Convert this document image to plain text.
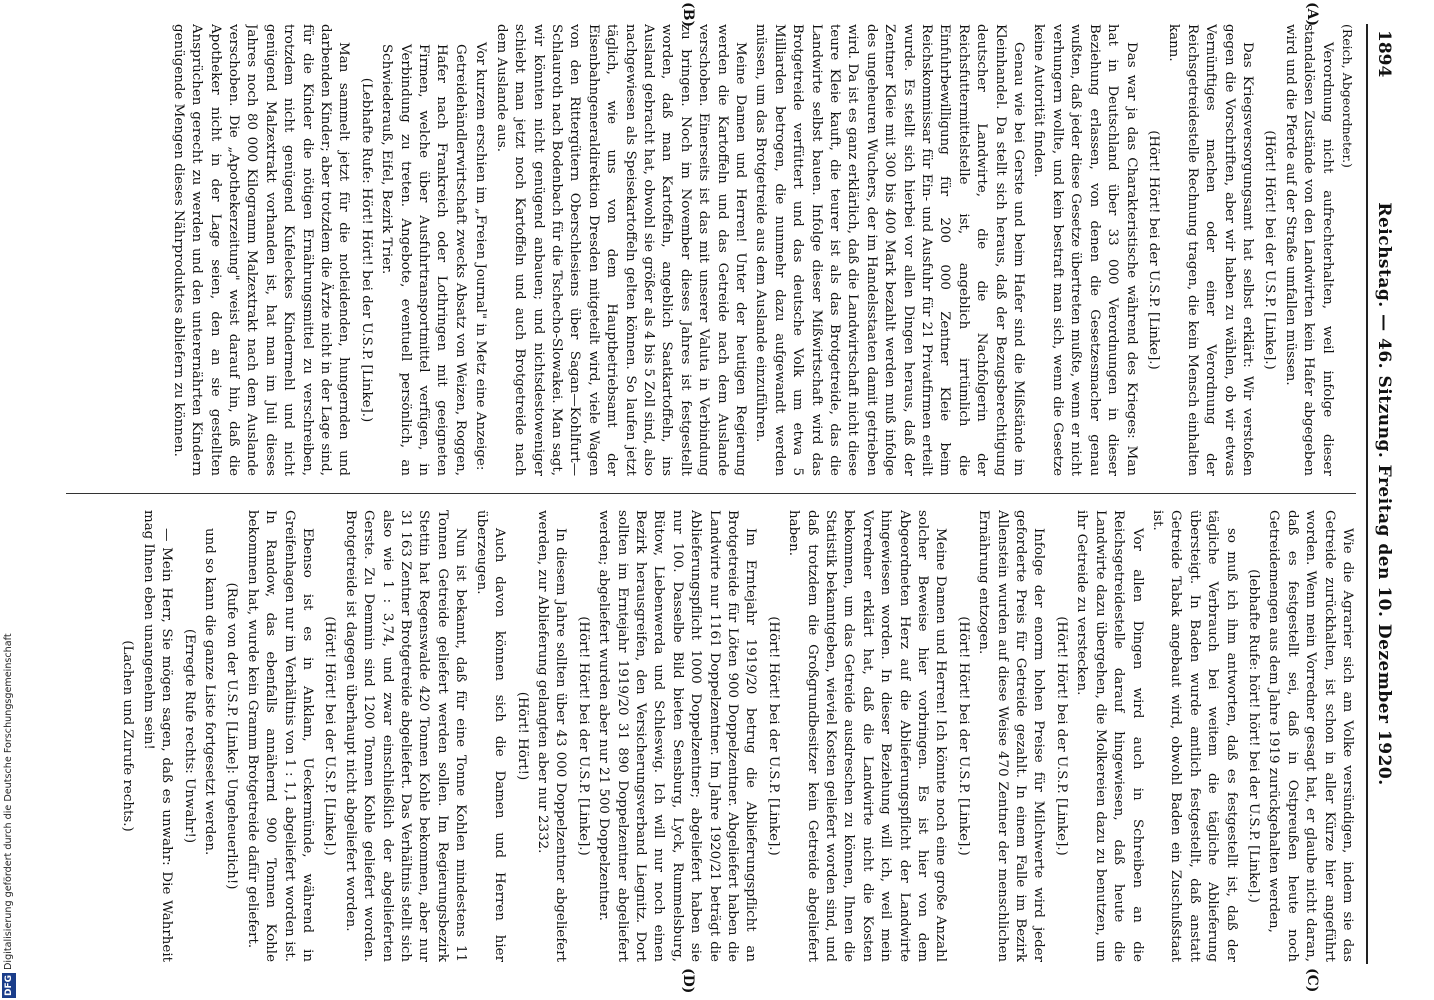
1894
Reichstag. — 46. Sitzung. Freitag den 10. Dezember 1920.
(A)
(B)
(C)
(D)

(Reich, Abgeordneter.)

Verordnung nicht aufrechterhalten, weil infolge dieser standalösen Zustände von den Landwirten kein Hafer abgegeben wird und die Pferde auf der Straße umfallen müssen.

(Hört! Hört! bei der U.S.P. [Linke].)

Das Kriegsversorgungsamt hat selbst erklärt: Wir verstoßen gegen die Vorschriften, aber wir haben zu wählen, ob wir etwas Vernünftiges machen oder einer Verordnung der Reichsgetreidestelle Rechnung tragen, die kein Mensch einhalten kann.

(Hört! Hört! bei der U.S.P. [Linke].)

Das war ja das Charakteristische während des Krieges: Man hat in Deutschland über 33 000 Verordnungen in dieser Beziehung erlassen, von denen die Gesetzesmacher genau wußten, daß jeder diese Gesetze übertreten mußte, wenn er nicht verhungern wollte, und kein bestraft man sich, wenn die Gesetze keine Autorität finden.

Genau wie bei Gerste und beim Hafer sind die Mißstände im Kleinhandel. Da stellt sich heraus, daß der Bezugsberechtigung deutscher Landwirte, die die Nachfolgerin der Reichsfuttermittelstelle ist, angeblich irrtümlich die Einfuhrbewilligung für 200 000 Zentner Kleie beim Reichskommissar für Ein- und Ausfuhr für 21 Privatfirmen erteilt wurde. Es stellt sich hierbei vor allen Dingen heraus, daß der Zentner Kleie mit 300 bis 400 Mark bezahlt werden muß infolge des ungeheuren Wuchers, der im Handelsstaaten damit getrieben wird. Da ist es ganz erklärlich, daß die Landwirtschaft nicht diese teure Kleie kauft, die teurer ist als das Brotgetreide, das die Landwirte selbst bauen. Infolge dieser Mißwirtschaft wird das Brotgetreide verfüttert und das deutsche Volk um etwa 5 Milliarden betrogen, die nunmehr dazu aufgewandt werden müssen, um das Brotgetreide aus dem Auslande einzuführen.

Meine Damen und Herren! Unter der heutigen Regierung werden die Kartoffeln und das Getreide nach dem Auslande verschoben. Einerseits ist das mit unserer Valuta in Verbindung zu bringen. Noch im November dieses Jahres ist festgestellt worden, daß man Kartoffeln, angeblich Saatkartoffeln, ins Ausland gebracht hat, obwohl sie größer als 4 bis 5 Zoll sind, also nachgewiesen als Speisekartoffeln gelten können. So laufen jetzt täglich, wie uns von dem Hauptbetriebsamt der Eisenbahngeneraldirektion Dresden mitgeteilt wird, viele Wagen von den Rittergütern Oberschlesiens über Sagan—Kohlfurt—Schlauroth nach Bodenbach für die Tschecho-Slowakei. Man sagt, wir könnten nicht genügend anbauen; und nichtsdestoweniger schiebt man jetzt noch Kartoffeln und auch Brotgetreide nach dem Auslande aus.

Vor kurzem erschien im „Freien Journal" in Metz eine Anzeige:

Getreidehändlerwirtschaft zwecks Absatz von Weizen, Roggen, Hafer nach Frankreich oder Lothringen mit geeigneten Firmen, welche über Ausfuhrtransportmittel verfügen, in Verbindung zu treten. Angebote, eventuell persönlich, an Schwiederauß, Eifel, Bezirk Trier.

(Lebhafte Rufe: Hört! Hört! bei der U.S.P. [Linke].)

Man sammelt jetzt für die notleidenden, hungernden und darbenden Kinder; aber trotzdem die Ärzte nicht in der Lage sind, für die Kinder die nötigen Ernährungsmittel zu verschreiben, trotzdem nicht genügend Kufeleckes Kindermehl und nicht genügend Malzextrakt vorhanden ist, hat man im Juli dieses Jahres noch 80 000 Kilogramm Malzextrakt nach dem Auslande verschoben. Die „Apothekerzeitung" weist darauf hin, daß die Apotheker nicht in der Lage seien, den an sie gestellten Ansprüchen gerecht zu werden und den unterernährten Kindern genügende Mengen dieses Nährproduktes abliefern zu können.

Wie die Agrarier sich am Volke versündigen, indem sie das Getreide zurückhalten, ist schon in aller Kürze hier angeführt worden. Wenn mein Vorredner gesagt hat, er glaube nicht daran, daß es festgestellt sei, daß in Ostpreußen heute noch Getreidemengen aus dem Jahre 1919 zurückgehalten werden,

(lebhafte Rufe: hört! hört! bei der U.S.P. [Linke].)

so muß ich ihm antworten, daß es festgestellt ist, daß der tägliche Verbrauch bei weitem die tägliche Ablieferung übersteigt. In Baden wurde amtlich festgestellt, daß anstatt Getreide Tabak angebaut wird, obwohl Baden ein Zuschußstaat ist.

Vor allen Dingen wird auch in Schreiben an die Reichsgetreidestelle darauf hingewiesen, daß heute die Landwirte dazu übergehen, die Molkereien dazu zu benutzen, um ihr Getreide zu verstecken.

(Hört! Hört! bei der U.S.P. [Linke].)

Infolge der enorm hohen Preise für Milchwerte wird jeder geforderte Preis für Getreide gezahlt. In einem Falle im Bezirk Allenstein wurden auf diese Weise 470 Zentner der menschlichen Ernährung entzogen.

(Hört! Hört! bei der U.S.P. [Linke].)

Meine Damen und Herren! Ich könnte noch eine große Anzahl solcher Beweise hier vorbringen. Es ist hier von dem Abgeordneten Herz auf die Ablieferungspflicht der Landwirte hingewiesen worden. In dieser Beziehung will ich, weil mein Vorredner erklärt hat, daß die Landwirte nicht die Kosten bekommen, um das Getreide ausdreschen zu können, Ihnen die Statistik bekanntgeben, wieviel Kosten geliefert worden sind, und daß trotzdem die Großgrundbesitzer kein Getreide abgeliefert haben.

(Hört! Hört! bei der U.S.P. [Linke].)

Im Erntejahr 1919/20 betrug die Ablieferungspflicht an Brotgetreide für Löten 900 Doppelzentner. Abgeliefert haben die Landwirte nur 1161 Doppelzentner. Im Jahre 1920/21 beträgt die Ablieferungspflicht 1000 Doppelzentner; abgeliefert haben sie nur 100. Dasselbe Bild bieten Sensburg, Lyck, Rummelsburg, Bütow, Liebenwerda und Schleswig. Ich will nur noch einen Bezirk herausgreifen, den Versicherungsverband Liegnitz. Dort sollten im Erntejahr 1919/20 31 890 Doppelzentner abgeliefert werden; abgeliefert wurden aber nur 21 500 Doppelzentner.

(Hört! Hört! bei der U.S.P. [Linke].)

In diesem Jahre sollten über 43 000 Doppelzentner abgeliefert werden, zur Ablieferung gelangten aber nur 2332.

(Hört! Hört!)

Auch davon können sich die Damen und Herren hier überzeugen.

Nun ist bekannt, daß für eine Tonne Kohlen mindestens 11 Tonnen Getreide geliefert werden sollen. Im Regierungsbezirk Stettin hat Regenswalde 420 Tonnen Kohle bekommen, aber nur 31 163 Zentner Brotgetreide abgeliefert. Das Verhältnis stellt sich also wie 1 : 3,74, und zwar einschließlich der abgelieferten Gerste. Zu Demmin sind 1200 Tonnen Kohle geliefert worden. Brotgetreide ist dagegen überhaupt nicht abgeliefert worden.

(Hört! Hört! bei der U.S.P. [Linke].)

Ebenso ist es in Anklam, Ueckermünde, während in Greifenhagen nur im Verhältnis von 1 : 1,1 abgeliefert worden ist. In Randow, das ebenfalls annähernd 900 Tonnen Kohle bekommen hat, wurde kein Gramm Brotgetreide dafür geliefert.

(Rufe von der U.S.P. [Linke]: Ungeheuerlich!)

und so kann die ganze Liste fortgesetzt werden.

(Erregte Rufe rechts: Unwahr!)

— Mein Herr, Sie mögen sagen, daß es unwahr: Die Wahrheit mag Ihnen eben unangenehm sein!

(Lachen und Zurufe rechts.)

DFGDigitalisierung gefördert durch die Deutsche Forschungsgemeinschaft
